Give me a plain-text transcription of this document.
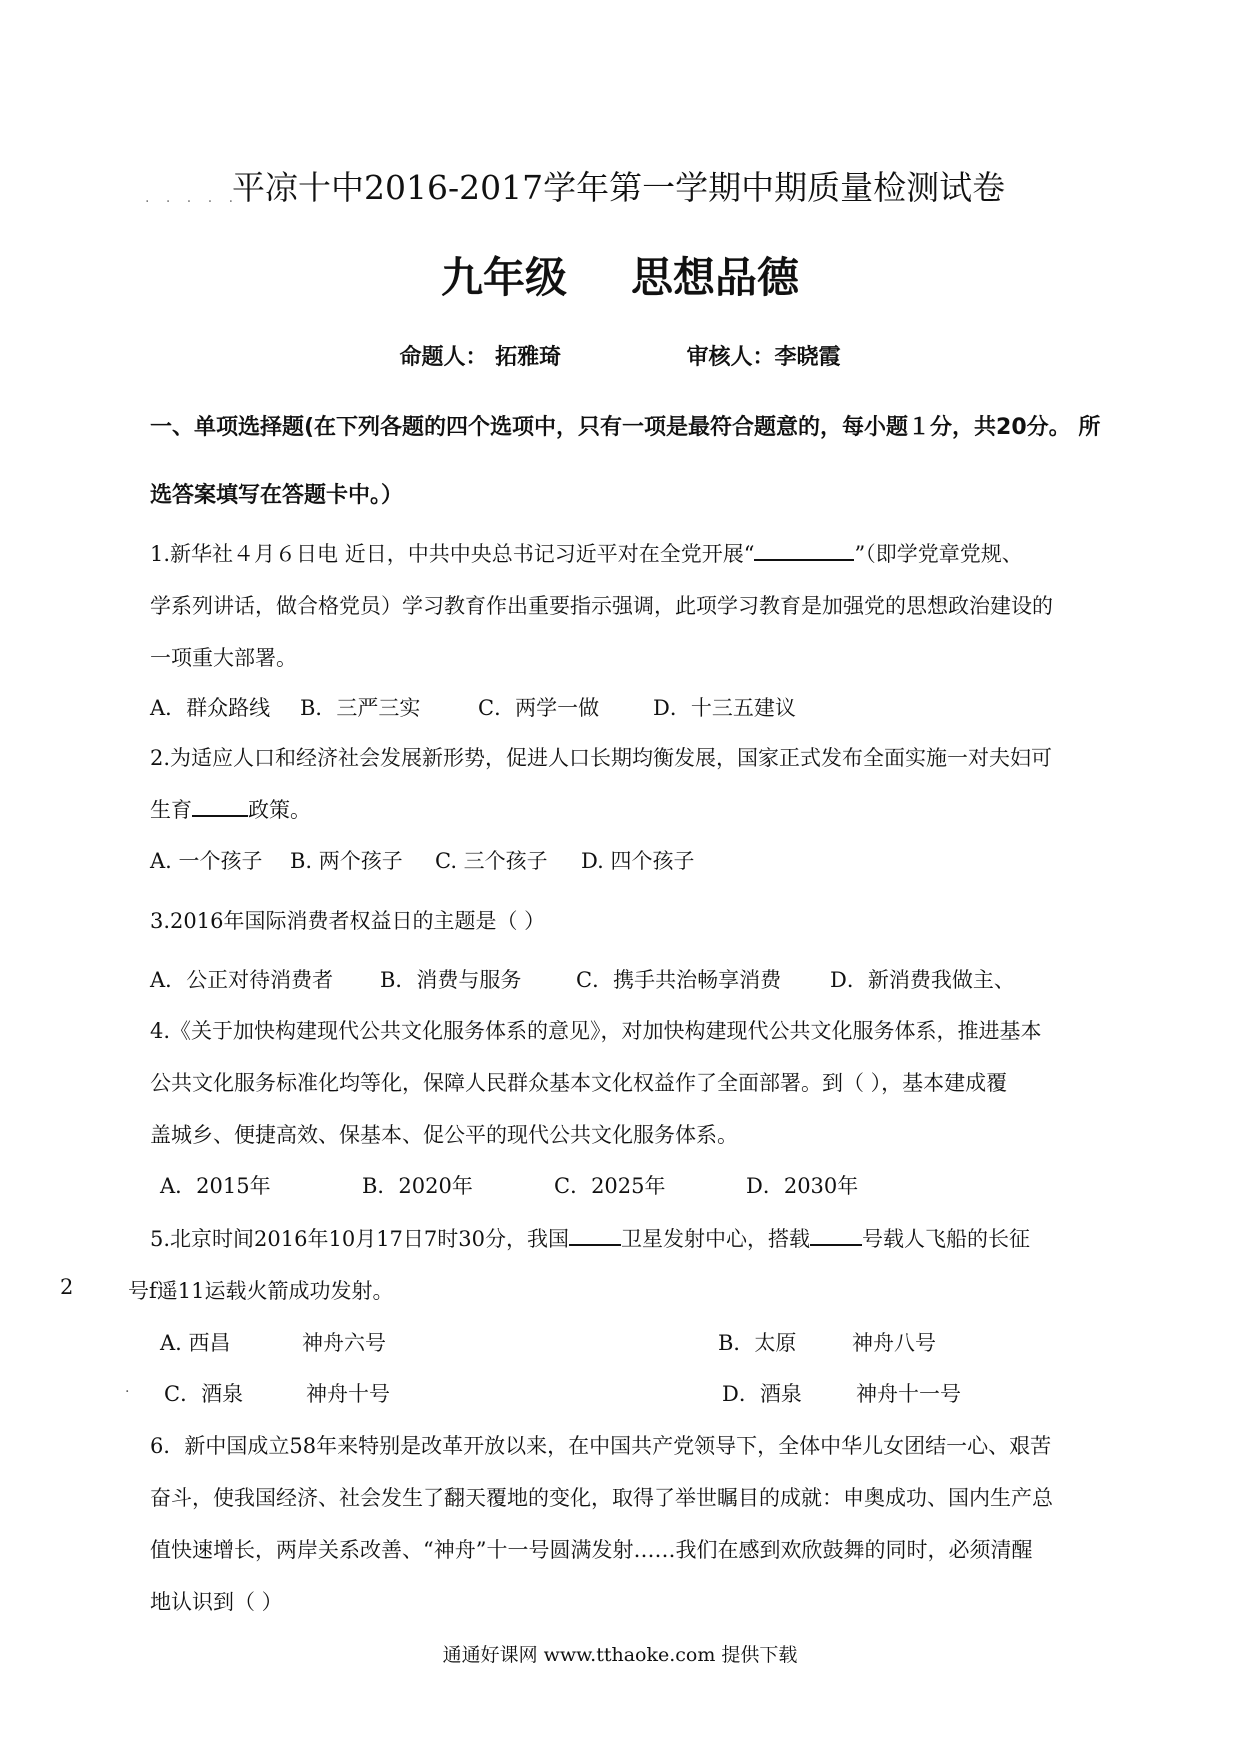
. . . . .
平凉十中2016-2017学年第一学期中期质量检测试卷
九年级 思想品德
命题人： 拓雅琦	审核人：李晓霞
一、单项选择题(在下列各题的四个选项中，只有一项是最符合题意的，每小题１分，共20分。 所
选答案填写在答题卡中。）
1.新华社４月６日电 近日，中共中央总书记习近平对在全党开展“	”（即学党章党规、
学系列讲话，做合格党员）学习教育作出重要指示强调，此项学习教育是加强党的思想政治建设的
一项重大部署。
A．群众路线 B．三严三实	C．两学一做	D．十三五建议
2.为适应人口和经济社会发展新形势，促进人口长期均衡发展，国家正式发布全面实施一对夫妇可
生育	政策。
A. 一个孩子 B. 两个孩子 C. 三个孩子 D. 四个孩子
3.2016年国际消费者权益日的主题是（ ）
A．公正对待消费者 B．消费与服务	C．携手共治畅享消费 D．新消费我做主、
4.《关于加快构建现代公共文化服务体系的意见》，对加快构建现代公共文化服务体系，推进基本
公共文化服务标准化均等化，保障人民群众基本文化权益作了全面部署。到（ ），基本建成覆
盖城乡、便捷高效、保基本、促公平的现代公共文化服务体系。
A．2015年	B．2020年	C．2025年	D．2030年
5.北京时间2016年10月17日7时30分，我国 卫星发射中心，搭载 号载人飞船的长征
2	号f遥11运载火箭成功发射。
A. 西昌	神舟六号	B．太原	神舟八号
. C．酒泉	神舟十号	D．酒泉	神舟十一号
6．新中国成立58年来特别是改革开放以来，在中国共产党领导下，全体中华儿女团结一心、艰苦
奋斗，使我国经济、社会发生了翻天覆地的变化，取得了举世瞩目的成就：申奥成功、国内生产总
值快速增长，两岸关系改善、“神舟”十一号圆满发射……我们在感到欢欣鼓舞的同时，必须清醒
地认识到（ ）
通通好课网 www.tthaoke.com 提供下载
